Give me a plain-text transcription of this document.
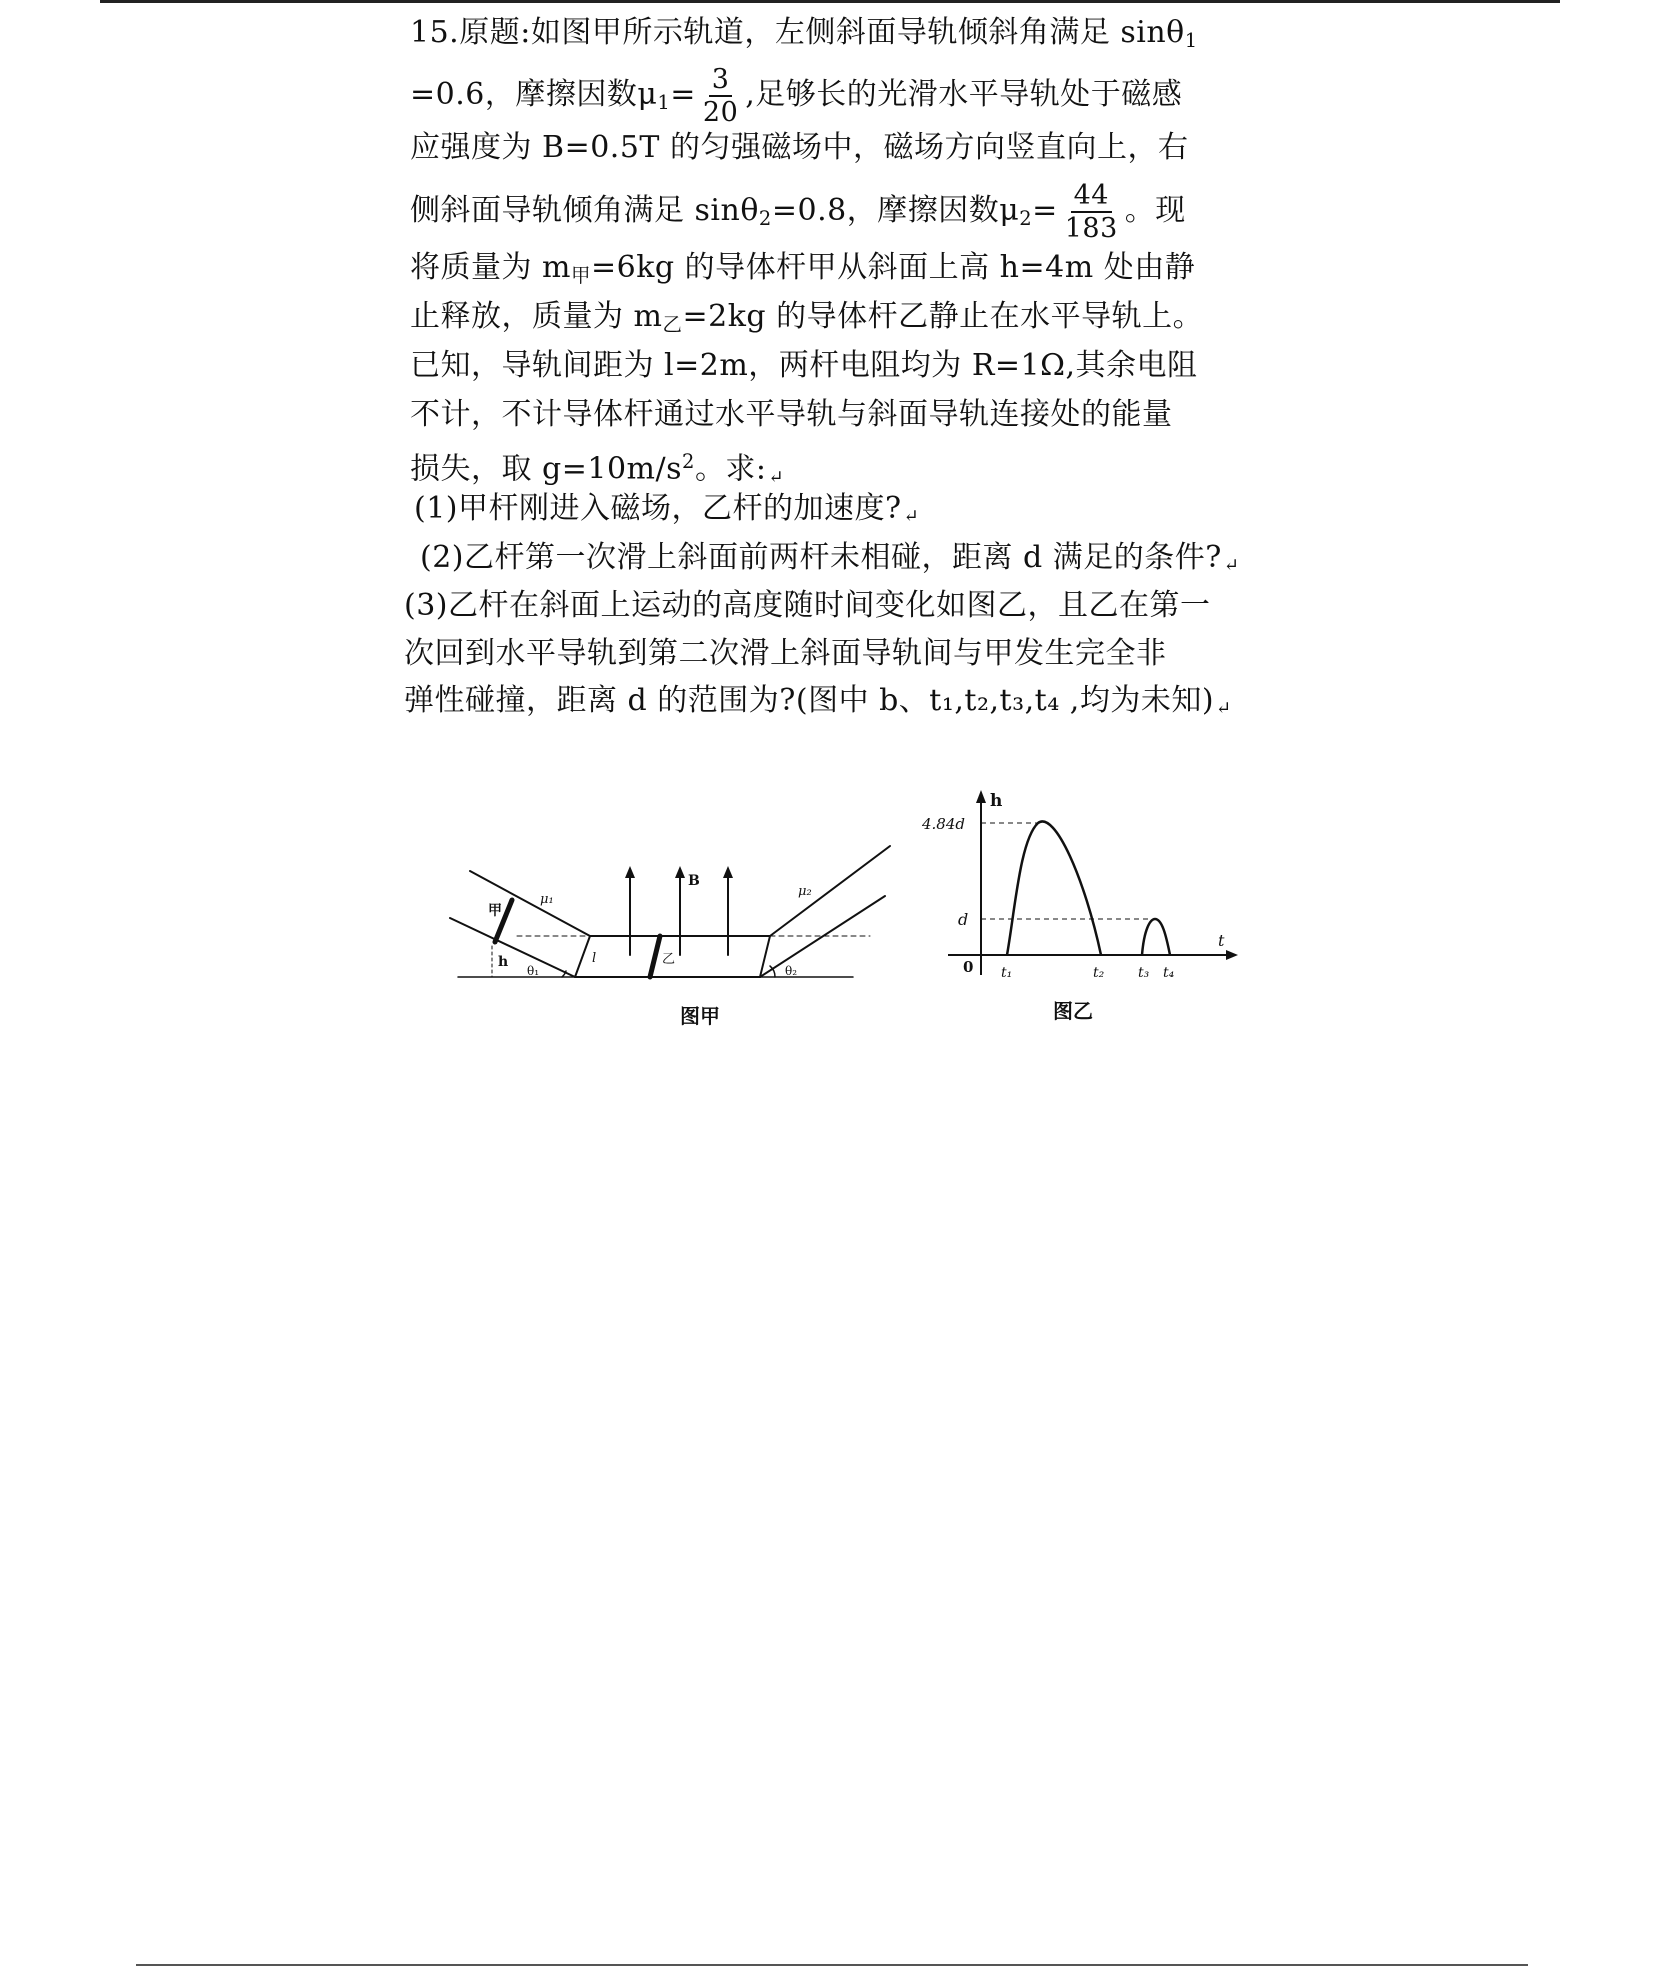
15.原题:如图甲所示轨道，左侧斜面导轨倾斜角满足 sinθ$_1$
=0.6，摩擦因数$\mu_1= \frac{3}{20}$ ,足够长的光滑水平导轨处于磁感
应强度为 B=0.5T 的匀强磁场中，磁场方向竖直向上，右
侧斜面导轨倾角满足 sinθ$_2$=0.8，摩擦因数$\mu_2= \frac{44}{183}$ 。现
将质量为 $m_甲=6kg$ 的导体杆甲从斜面上高 h=4m 处由静
止释放，质量为 $m_乙=2kg$ 的导体杆乙静止在水平导轨上。
已知，导轨间距为 l=2m，两杆电阻均为 R=1Ω,其余电阻
不计，不计导体杆通过水平导轨与斜面导轨连接处的能量
损失，取 $g=10m/s^2$。求: ↵
(1)甲杆刚进入磁场，乙杆的加速度? ↵
(2)乙杆第一次滑上斜面前两杆未相碰，距离 d 满足的条件? ↵
(3)乙杆在斜面上运动的高度随时间变化如图乙，且乙在第一
次回到水平导轨到第二次滑上斜面导轨间与甲发生完全非
弹性碰撞，距离 d 的范围为?(图中 b、t₁,t₂,t₃,t₄ ,均为未知) ↵
甲
μ₁
B
μ₂
h
θ₁
l	乙
θ₂
图甲
h
t
4.84d
d
0 t₁	t₂ t₃ t₄
图乙
